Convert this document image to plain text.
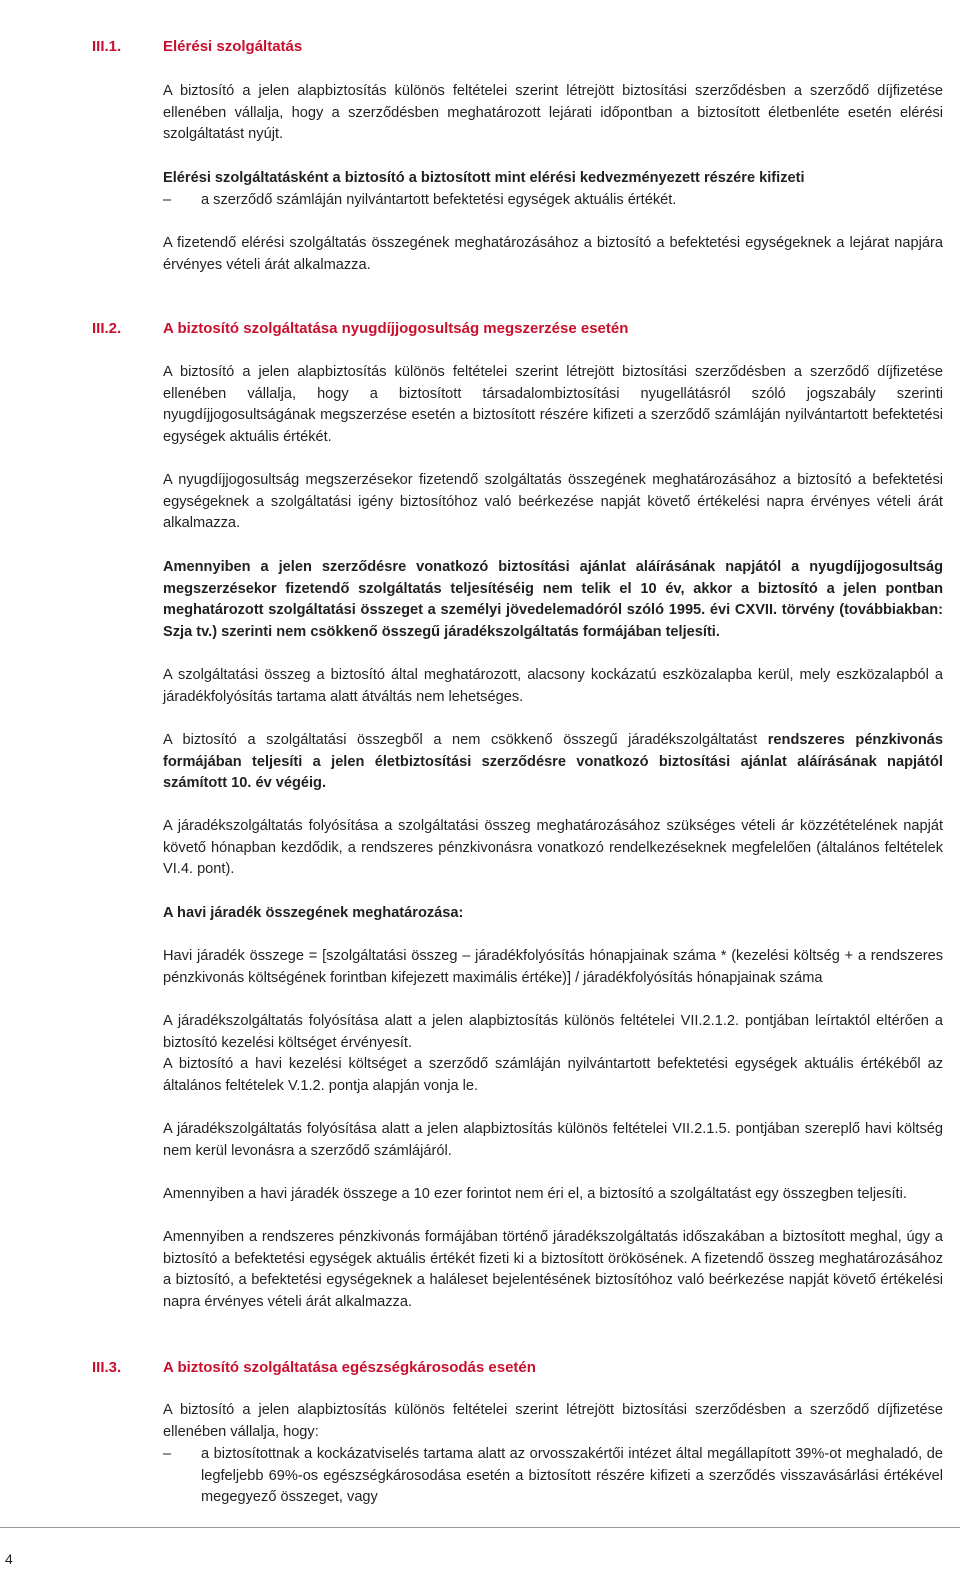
III.1.	Elérési szolgáltatás

A biztosító a jelen alapbiztosítás különös feltételei szerint létrejött biztosítási szerződésben a szerződő díjfizetése ellenében vállalja, hogy a szerződésben meghatározott lejárati időpontban a biztosított életbenléte esetén elérési szolgáltatást nyújt.

Elérési szolgáltatásként a biztosító a biztosított mint elérési kedvezményezett részére kifizeti

– a szerződő számláján nyilvántartott befektetési egységek aktuális értékét.

A fizetendő elérési szolgáltatás összegének meghatározásához a biztosító a befektetési egységeknek a lejárat napjára érvényes vételi árát alkalmazza.

III.2.	A biztosító szolgáltatása nyugdíjjogosultság megszerzése esetén

A biztosító a jelen alapbiztosítás különös feltételei szerint létrejött biztosítási szerződésben a szerződő díjfizetése ellenében vállalja, hogy a biztosított társadalombiztosítási nyugellátásról szóló jogszabály szerinti nyugdíjjogosultságának megszerzése esetén a biztosított részére kifizeti a szerződő számláján nyilvántartott befektetési egységek aktuális értékét.

A nyugdíjjogosultság megszerzésekor fizetendő szolgáltatás összegének meghatározásához a biztosító a befektetési egységeknek a szolgáltatási igény biztosítóhoz való beérkezése napját követő értékelési napra érvényes vételi árát alkalmazza.

Amennyiben a jelen szerződésre vonatkozó biztosítási ajánlat aláírásának napjától a nyugdíjjogosultság megszerzésekor fizetendő szolgáltatás teljesítéséig nem telik el 10 év, akkor a biztosító a jelen pontban meghatározott szolgáltatási összeget a személyi jövedelemadóról szóló 1995. évi CXVII. törvény (továbbiakban: Szja tv.) szerinti nem csökkenő összegű járadékszolgáltatás formájában teljesíti.

A szolgáltatási összeg a biztosító által meghatározott, alacsony kockázatú eszközalapba kerül, mely eszközalapból a járadékfolyósítás tartama alatt átváltás nem lehetséges.

A biztosító a szolgáltatási összegből a nem csökkenő összegű járadékszolgáltatást rendszeres pénzkivonás formájában teljesíti a jelen életbiztosítási szerződésre vonatkozó biztosítási ajánlat aláírásának napjától számított 10. év végéig.

A járadékszolgáltatás folyósítása a szolgáltatási összeg meghatározásához szükséges vételi ár közzétételének napját követő hónapban kezdődik, a rendszeres pénzkivonásra vonatkozó rendelkezéseknek megfelelően (általános feltételek VI.4. pont).

A havi járadék összegének meghatározása:

Havi járadék összege = [szolgáltatási összeg – járadékfolyósítás hónapjainak száma * (kezelési költség + a rendszeres pénzkivonás költségének forintban kifejezett maximális értéke)] / járadékfolyósítás hónapjainak száma

A járadékszolgáltatás folyósítása alatt a jelen alapbiztosítás különös feltételei VII.2.1.2. pontjában leírtaktól eltérően a biztosító kezelési költséget érvényesít.

A biztosító a havi kezelési költséget a szerződő számláján nyilvántartott befektetési egységek aktuális értékéből az általános feltételek V.1.2. pontja alapján vonja le.

A járadékszolgáltatás folyósítása alatt a jelen alapbiztosítás különös feltételei VII.2.1.5. pontjában szereplő havi költség nem kerül levonásra a szerződő számlájáról.

Amennyiben a havi járadék összege a 10 ezer forintot nem éri el, a biztosító a szolgáltatást egy összegben teljesíti.

Amennyiben a rendszeres pénzkivonás formájában történő járadékszolgáltatás időszakában a biztosított meghal, úgy a biztosító a befektetési egységek aktuális értékét fizeti ki a biztosított örökösének. A fizetendő összeg meghatározásához a biztosító, a befektetési egységeknek a haláleset bejelentésének biztosítóhoz való beérkezése napját követő értékelési napra érvényes vételi árát alkalmazza.

III.3.	A biztosító szolgáltatása egészségkárosodás esetén

A biztosító a jelen alapbiztosítás különös feltételei szerint létrejött biztosítási szerződésben a szerződő díjfizetése ellenében vállalja, hogy:

– a biztosítottnak a kockázatviselés tartama alatt az orvosszakértői intézet által megállapított 39%-ot meghaladó, de legfeljebb 69%-os egészségkárosodása esetén a biztosított részére kifizeti a szerződés visszavásárlási értékével megegyező összeget, vagy

4
